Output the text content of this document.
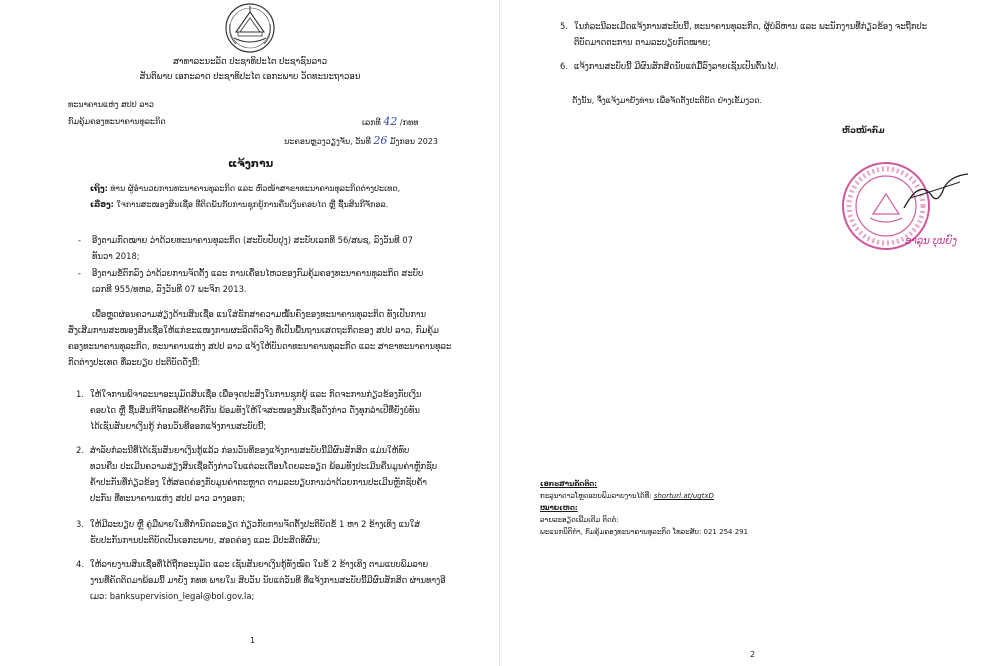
ສາທາລະນະລັດ ປະຊາທິປະໄຕ ປະຊາຊົນລາວ
ສັນຕິພາບ ເອກະລາດ ປະຊາທິປະໄຕ ເອກະພາບ ວັດທະນະຖາວອນ
ທະນາຄານແຫ່ງ ສປປ ລາວ
ກົມຄຸ້ມຄອງທະນາຄານທຸລະກິດ	ເລກທີ 42 /ກທທ
ນະຄອນຫຼວງວຽງຈັນ, ວັນທີ 26 ມັງກອນ 2023
ແຈ້ງການ
ເຖິງ: ທ່ານ ຜູ້ອໍານວຍການທະນາຄານທຸລະກິດ ແລະ ຫົວໜ້າສາຂາທະນາຄານທຸລະກິດຕ່າງປະເທດ,
ເລື່ອງ: ໃຈການສະໜອງສິນເຊື່ອ ທີ່ຕິດພັນກັບການຊຸກຍູ້ການຄືນເງິນຄອບໄດ ຫຼື ຊື້ນສິນກີຈັກອລ.
- ອີງຕາມກົດໝາຍ ວ່າດ້ວຍທະນາຄານທຸລະກິດ (ສະບັບປັບປຸງ) ສະບັບເລກທີ 56/ສພຊ, ລົງວັນທີ 07
ທັນວາ 2018;
- ອີງຕາມຂໍ້ຕົກລົງ ວ່າດ້ວຍການຈັດຕັ້ງ ແລະ ການເຄື່ອນໄຫວຂອງກົມຄຸ້ມຄອງທະນາຄານທຸລະກິດ ສະບັບ
ເລກທີ 955/ທຫລ, ລົງວັນທີ 07 ພະຈິກ 2013.
ເພື່ອຫຼຸດຜ່ອນຄວາມສ່ຽງດ້ານສິນເຊື່ອ ແນໃສ່ຮັກສາຄວາມໝັ້ນຄົງຂອງທະນາຄານທຸລະກິດ ທັງເປັນການ
ສົ່ງເສີມການສະໜອງສິນເຊື່ອໃຫ້ແກ່ຂະແໜງການຜະລິດຕົວຈິງ ທີ່ເປັນພື້ນຖານເສດຖະກິດຂອງ ສປປ ລາວ, ກົມຄຸ້ມ
ຄອງທະນາຄານທຸລະກິດ, ທະນາຄານແຫ່ງ ສປປ ລາວ ແຈ້ງໃຫ້ບັນດາທະນາຄານທຸລະກິດ ແລະ ສາຂາທະນາຄານທຸລະ
ກິດຕ່າງປະເທດ ທີ່ລະບຽບ ປະຕິບັດດັ່ງນີ້:
1. ໃຫ້ໃຈການພິຈາລະນາອະນຸມັດສິນເຊື່ອ ເພື່ອຈຸດປະສົງໃນການຊຸກຍູ້ ແລະ ກິດຈະການກ່ຽວຂ້ອງກັບເງິນ
ຄອບໄດ ຫຼື ຊື້ນສິນກີຈັກອລທີ່ຄ້າຍຄືກັນ ພ້ອມທັງໃຫ້ໃຈສະໜອງສິນເຊື່ອດັ່ງກ່າວ ດັ່ງທຸກລໍາເປີທີ່ຍັງບໍ່ທັນ
ໄດ້ເຊັນສັນຍາເງິນກູ້ ກ່ອນວັນທີອອກແຈ້ງການສະບັບນີ້;
2. ສໍາລັບກໍລະນີທີ່ໄດ້ເຊັນສັນຍາເງິນກູ້ແລ້ວ ກ່ອນວັນທີຂອງແຈ້ງການສະບັບນີ້ມີຜົນສັກສິດ ແມ່ນໃຫ້ທົບ
ທວນຄືນ ປະເມີນຄວາມສ່ຽງສິນເຊື່ອດັ່ງກ່າວໃນແຕ່ລະເດືອນໂດຍລະອຽດ ພ້ອມທັງປະເມີນຄືນມູນຄ່າຫຼັກຊັບ
ຄໍ້າປະກັນທີ່ກ່ຽວຂ້ອງ ໃຫ້ສອດຄ່ອງກັບມູນຄ່າຕະຫຼາດ ຕາມລະບຽບການວ່າດ້ວຍການປະເມີນຫຼັກຊັບຄໍ້າ
ປະກັນ ທີ່ທະນາຄານແຫ່ງ ສປປ ລາວ ວາງອອກ;
3. ໃຫ້ມີລະບຽບ ຫຼື ຄູ່ມືພາຍໃນທີ່ກໍານົດລະອຽດ ກ່ຽວກັບການຈັດຕັ້ງປະຕິບັດຂໍ້ 1 ຫາ 2 ຂ້າງເທິງ ແນໃສ່
ຮັບປະກັນການປະຕິບັດເປັນເອກະພາບ, ສອດຄ່ອງ ແລະ ມີປະສິດທິຜົນ;
4. ໃຫ້ລາຍງານສິນເຊື່ອທີ່ໄດ້ຖືກອະນຸມັດ ແລະ ເຊັນສັນຍາເງິນກູ້ທັງໝົດ ໃນຂໍ້ 2 ຂ້າງເທິງ ຕາມແບບພິມລາຍ
ງານທີ່ຄັດຕິດມາພ້ອມນີ້ ມາຍັງ ກທທ ພາຍໃນ ສິບວັນ ນັບແຕ່ວັນທີ ທີ່ແຈ້ງການສະບັບນີ້ມີຜົນສັກສິດ ຜ່ານທາງອີ
ເມວ: banksupervision_legal@bol.gov.la;
1
5. ໃນກໍລະນີລະເມີດແຈ້ງການສະບັບນີ້, ທະນາຄານທຸລະກິດ, ຜູ້ບໍລິຫານ ແລະ ພະນັກງານທີ່ກ່ຽວຂ້ອງ ຈະຖືກປະ
ຕິບັດມາດຕະການ ຕາມລະບຽບກົດໝາຍ;
6. ແຈ້ງການສະບັບນີ້ ມີຜົນສັກສິດນັບແຕ່ມື້ລົງລາຍເຊັນເປັນຕົ້ນໄປ.
ດັ່ງນັ້ນ, ຈຶ່ງແຈ້ງມາຍັງທ່ານ ເພື່ອຈັດຕັ້ງປະຕິບັດ ຢ່າງເຂັ້ມງວດ.
ຫົວໜ້າກົມ
ເອກະສານຄັດຕິດ:
ກະລຸນາດາວໂຫຼດແບບພິມລາຍງານໄດ້ທີ່: shorturl.at/ugtxD
ໝາຍເຫດ:
ລາຍລະອຽດເພີ່ມເຕີມ ຕິດຕໍ່:
ພະແນກນິຕິກໍາ, ກົມຄຸ້ມຄອງທະນາຄານທຸລະກິດ ໂທລະສັບ: 021 254 291
2
ອາລຸນ ບຸນຍົງ
